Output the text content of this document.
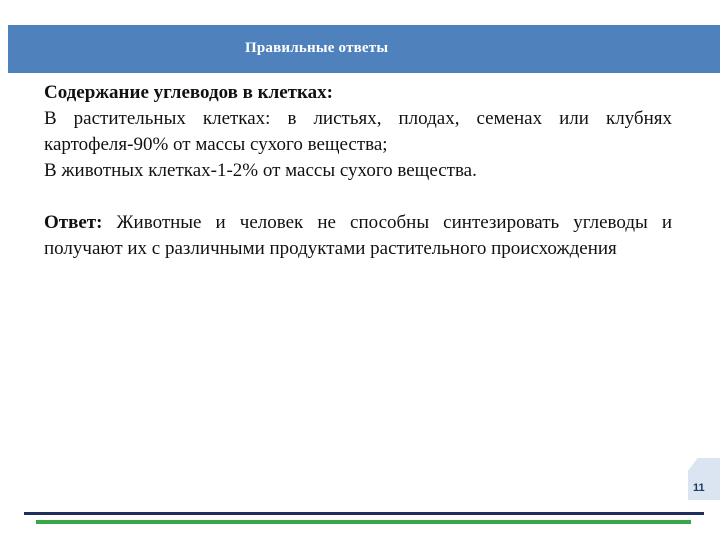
Правильные ответы

Содержание углеводов в клетках:

В растительных клетках: в листьях, плодах, семенах или клубнях картофеля-90% от массы сухого вещества;

В животных клетках-1-2% от массы сухого вещества.

Ответ: Животные и человек не способны синтезировать углеводы и получают их с различными продуктами растительного происхождения

11
